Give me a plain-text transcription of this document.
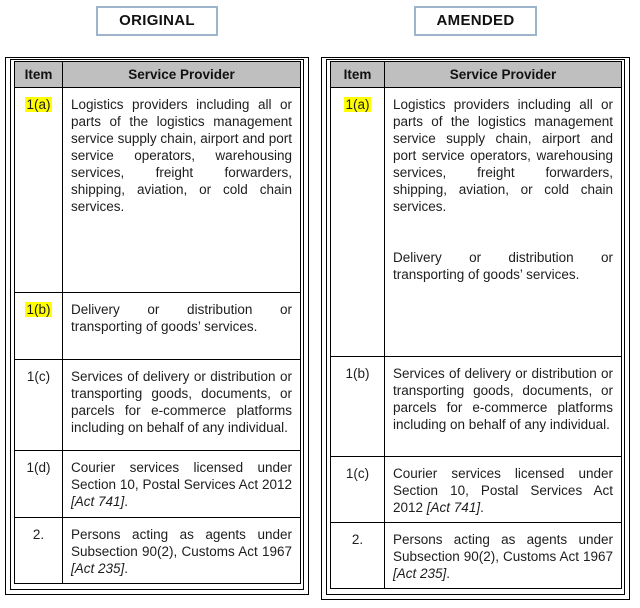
ORIGINAL
Item	Service Provider
1(a)	Logistics providers including all or parts of the logistics management service supply chain, airport and port service operators, warehousing services, freight forwarders, shipping, aviation, or cold chain services.

1(b)	Delivery or distribution or transporting of goods’ services.

1(c)	Services of delivery or distribution or transporting goods, documents, or parcels for e-commerce platforms including on behalf of any individual.

1(d)	Courier services licensed under Section 10, Postal Services Act 2012 [Act 741].

2.	Persons acting as agents under Subsection 90(2), Customs Act 1967 [Act 235].

AMENDED
Item	Service Provider
1(a)	Logistics providers including all or parts of the logistics management service supply chain, airport and port service operators, warehousing services, freight forwarders, shipping, aviation, or cold chain services.

Delivery or distribution or transporting of goods’ services.

1(b)	Services of delivery or distribution or transporting goods, documents, or parcels for e-commerce platforms including on behalf of any individual.

1(c)	Courier services licensed under Section 10, Postal Services Act 2012 [Act 741].

2.	Persons acting as agents under Subsection 90(2), Customs Act 1967 [Act 235].
